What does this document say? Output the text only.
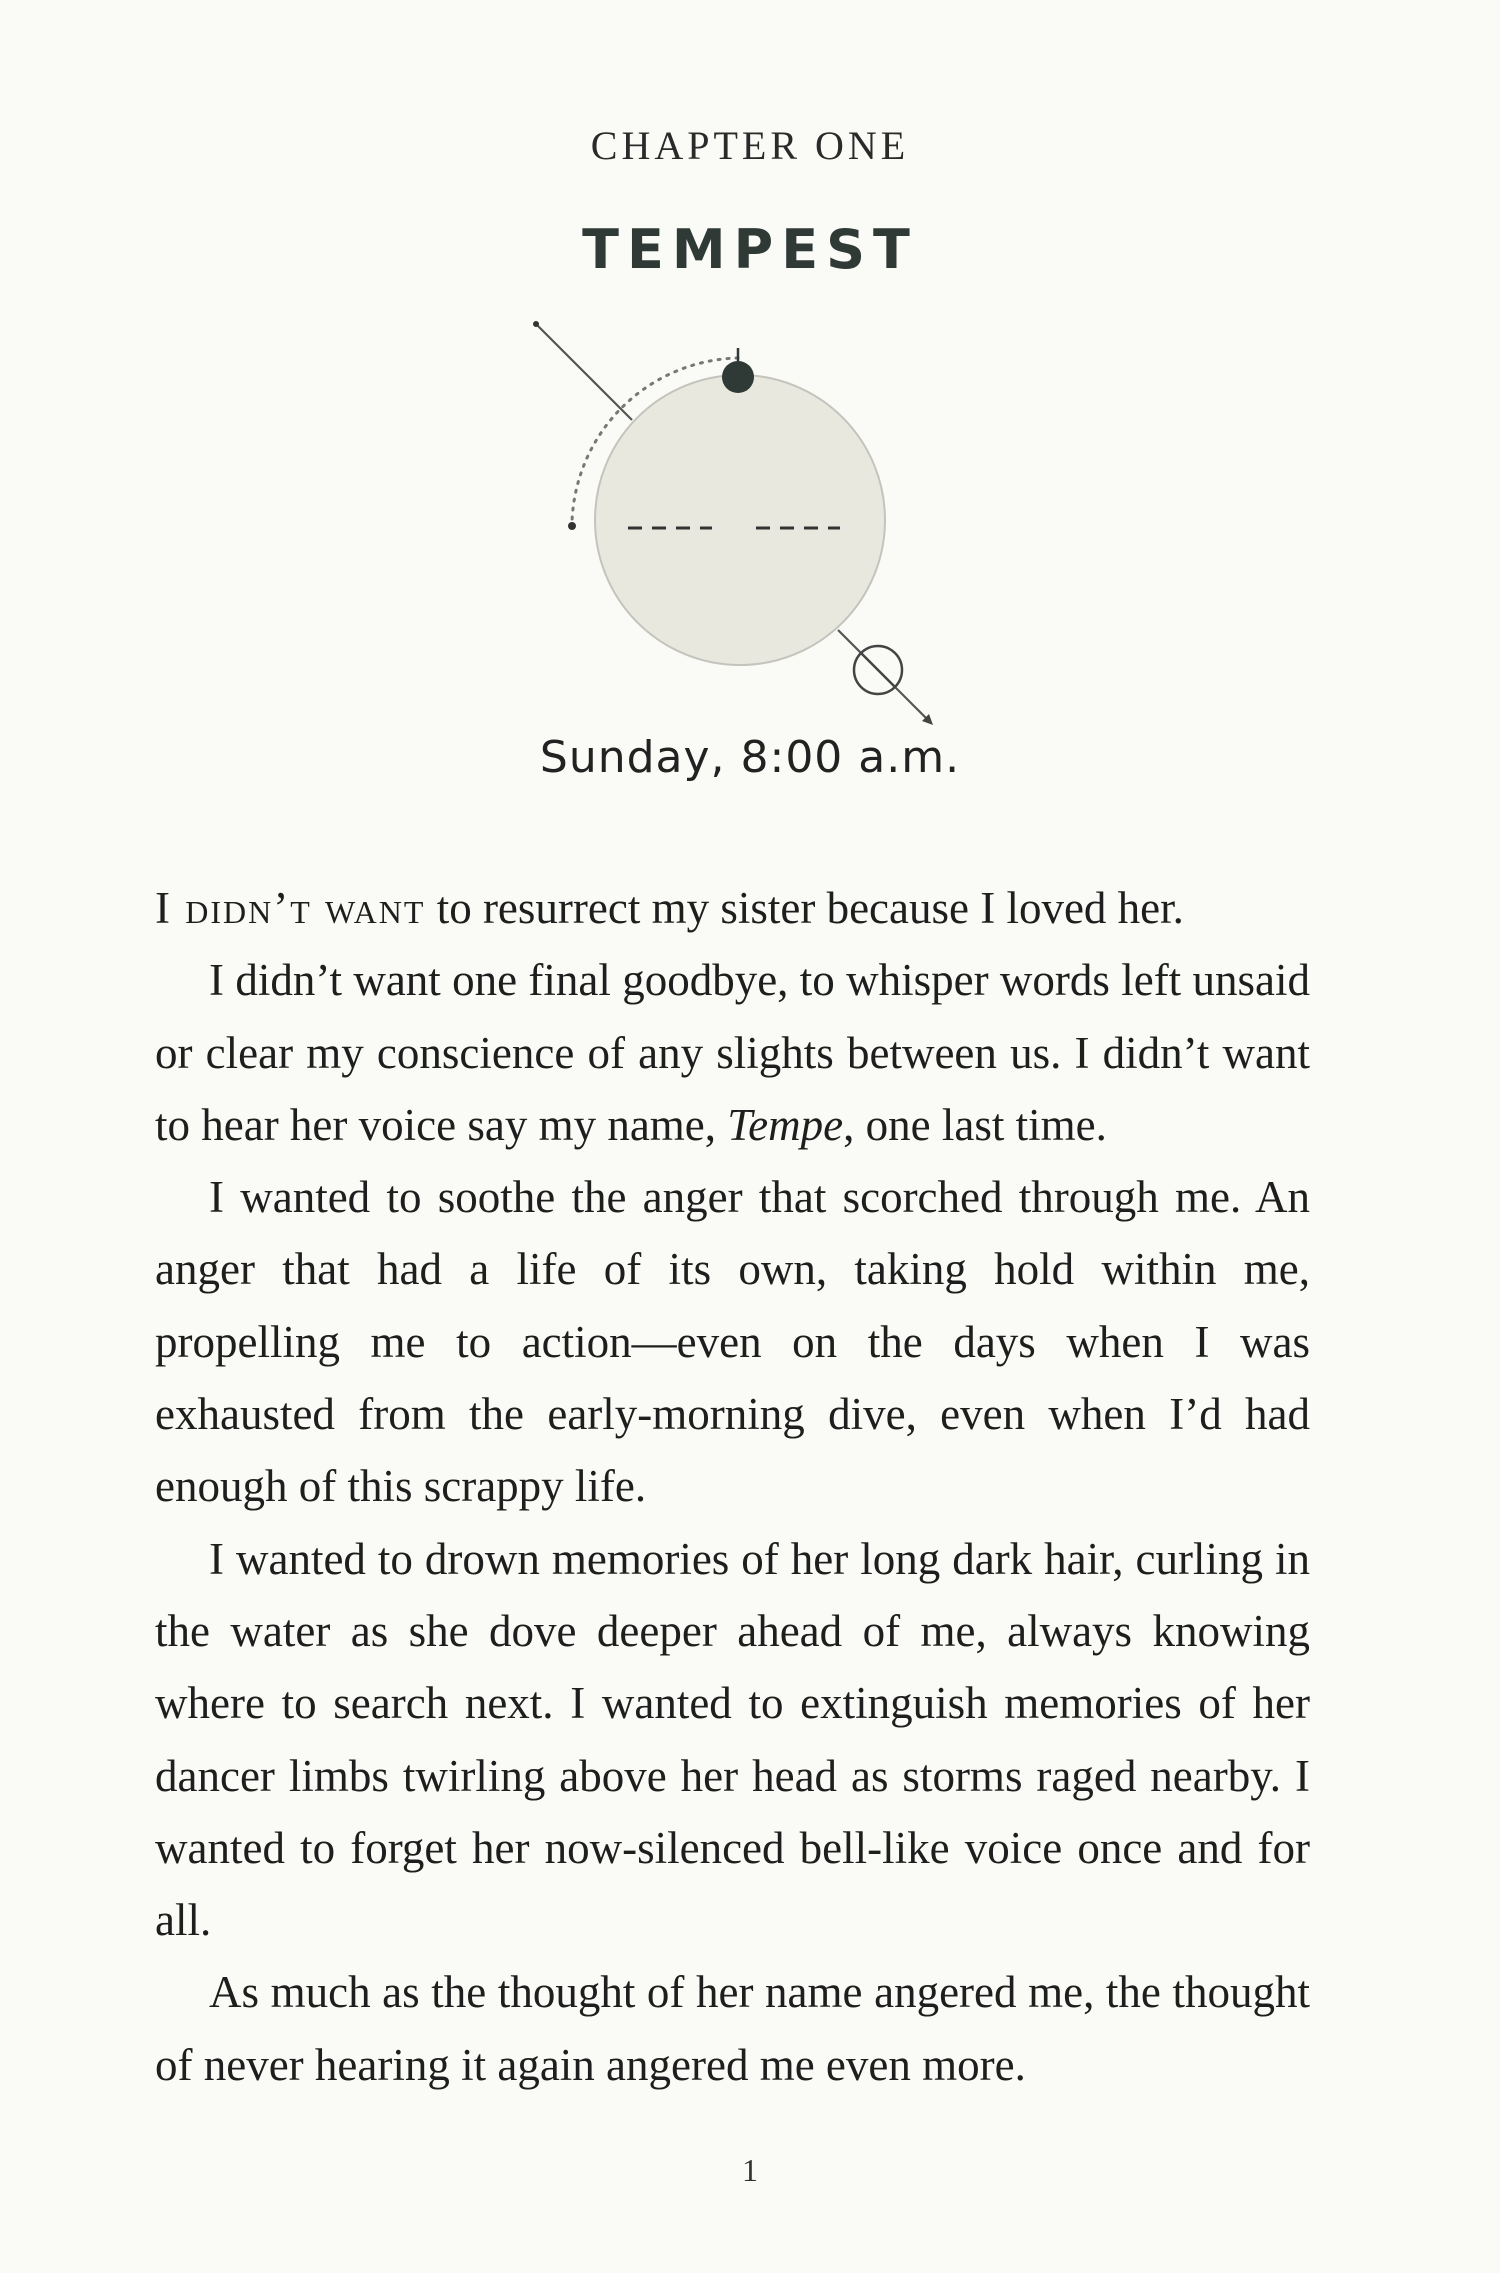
CHAPTER ONE
TEMPEST
Sunday, 8:00 a.m.

I didn’t want to resurrect my sister because I loved her.

I didn’t want one final goodbye, to whisper words left unsaid or clear my conscience of any slights between us. I didn’t want to hear her voice say my name, Tempe, one last time.

I wanted to soothe the anger that scorched through me. An anger that had a life of its own, taking hold within me, propelling me to action—even on the days when I was exhausted from the early-morning dive, even when I’d had enough of this scrappy life.

I wanted to drown memories of her long dark hair, curling in the water as she dove deeper ahead of me, always knowing where to search next. I wanted to extinguish memories of her dancer limbs twirling above her head as storms raged nearby. I wanted to forget her now-silenced bell-like voice once and for all.

As much as the thought of her name angered me, the thought of never hearing it again angered me even more.

1
